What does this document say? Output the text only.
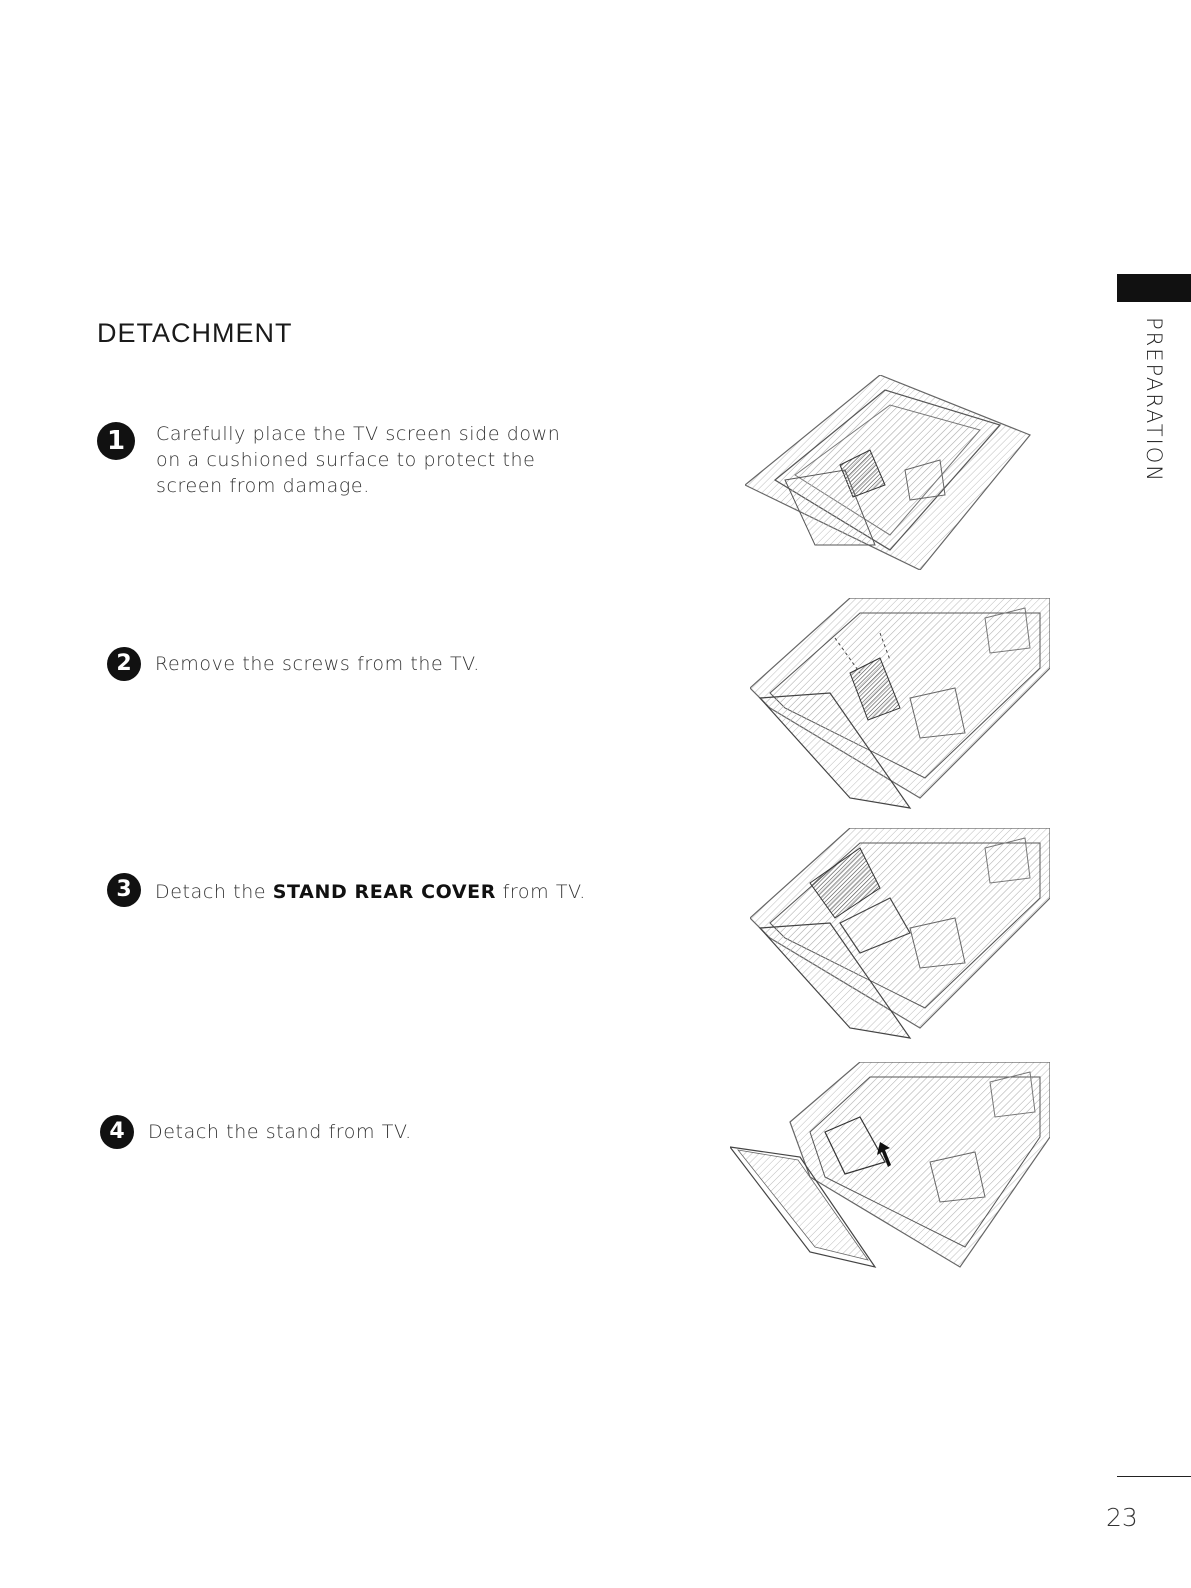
DETACHMENT	PREPARATION
1	Carefully place the TV screen side down on a cushioned surface to protect the screen from damage.
2	Remove the screws from the TV.
3	Detach the STAND REAR COVER from TV.
4	Detach the stand from TV.
23
